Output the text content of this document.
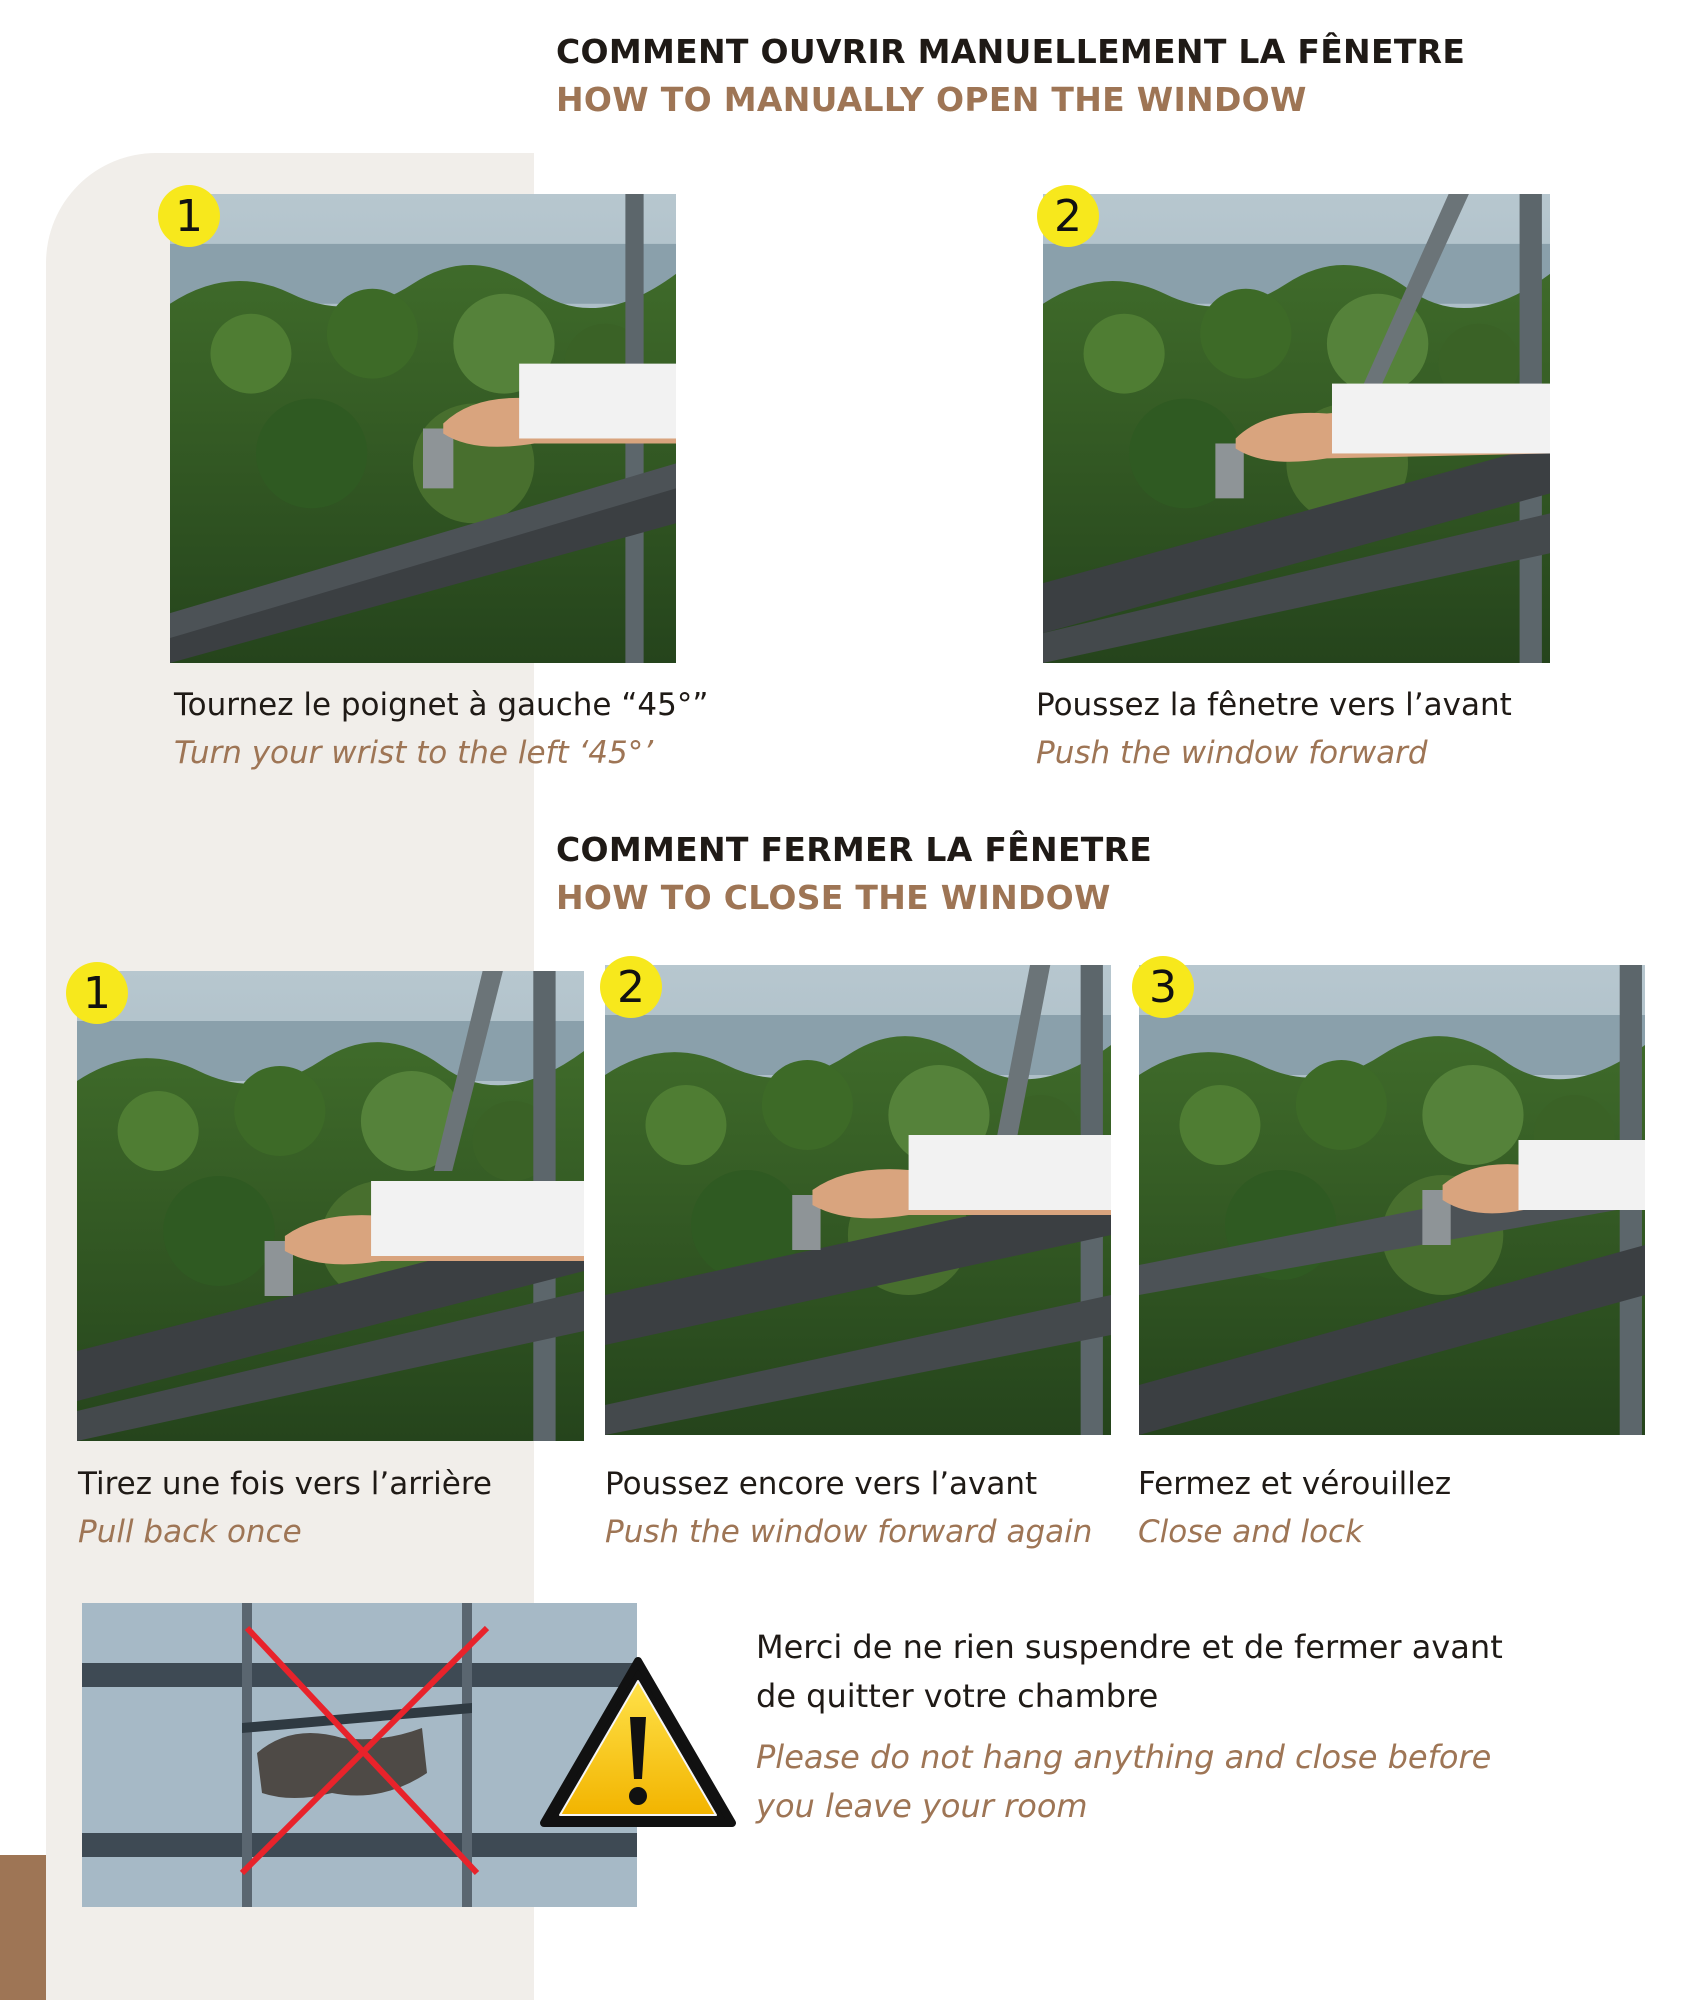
COMMENT OUVRIR MANUELLEMENT LA FÊNETRE
HOW TO MANUALLY OPEN THE WINDOW
1
Tournez le poignet à gauche “45°”
Turn your wrist to the left ‘45°’
2
Poussez la fênetre vers l’avant
Push the window forward
COMMENT FERMER LA FÊNETRE
HOW TO CLOSE THE WINDOW
1
Tirez une fois vers l’arrière
Pull back once
2
Poussez encore vers l’avant
Push the window forward again
3
Fermez et vérouillez
Close and lock
Merci de ne rien suspendre et de fermer avant
de quitter votre chambre
Please do not hang anything and close before
you leave your room
